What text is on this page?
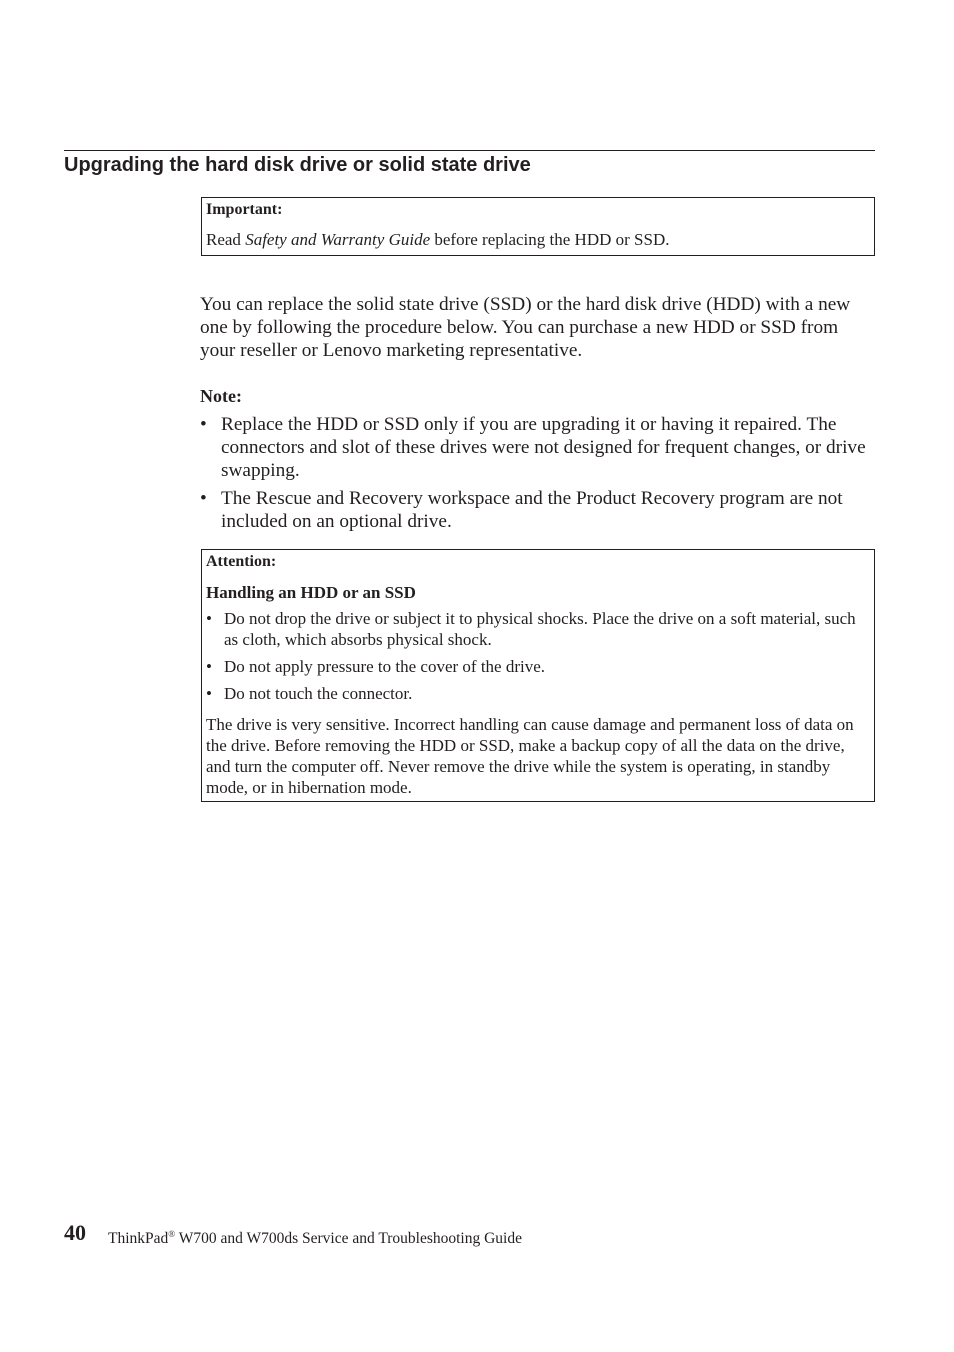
Upgrading the hard disk drive or solid state drive
Important:
Read Safety and Warranty Guide before replacing the HDD or SSD.

You can replace the solid state drive (SSD) or the hard disk drive (HDD) with a new one by following the procedure below. You can purchase a new HDD or SSD from your reseller or Lenovo marketing representative.

Note:
• Replace the HDD or SSD only if you are upgrading it or having it repaired. The connectors and slot of these drives were not designed for frequent changes, or drive swapping.
• The Rescue and Recovery workspace and the Product Recovery program are not included on an optional drive.
Attention:
Handling an HDD or an SSD
• Do not drop the drive or subject it to physical shocks. Place the drive on a soft material, such as cloth, which absorbs physical shock.
• Do not apply pressure to the cover of the drive.
• Do not touch the connector.
The drive is very sensitive. Incorrect handling can cause damage and permanent loss of data on the drive. Before removing the HDD or SSD, make a backup copy of all the data on the drive, and turn the computer off. Never remove the drive while the system is operating, in standby mode, or in hibernation mode.
40 ThinkPad® W700 and W700ds Service and Troubleshooting Guide
